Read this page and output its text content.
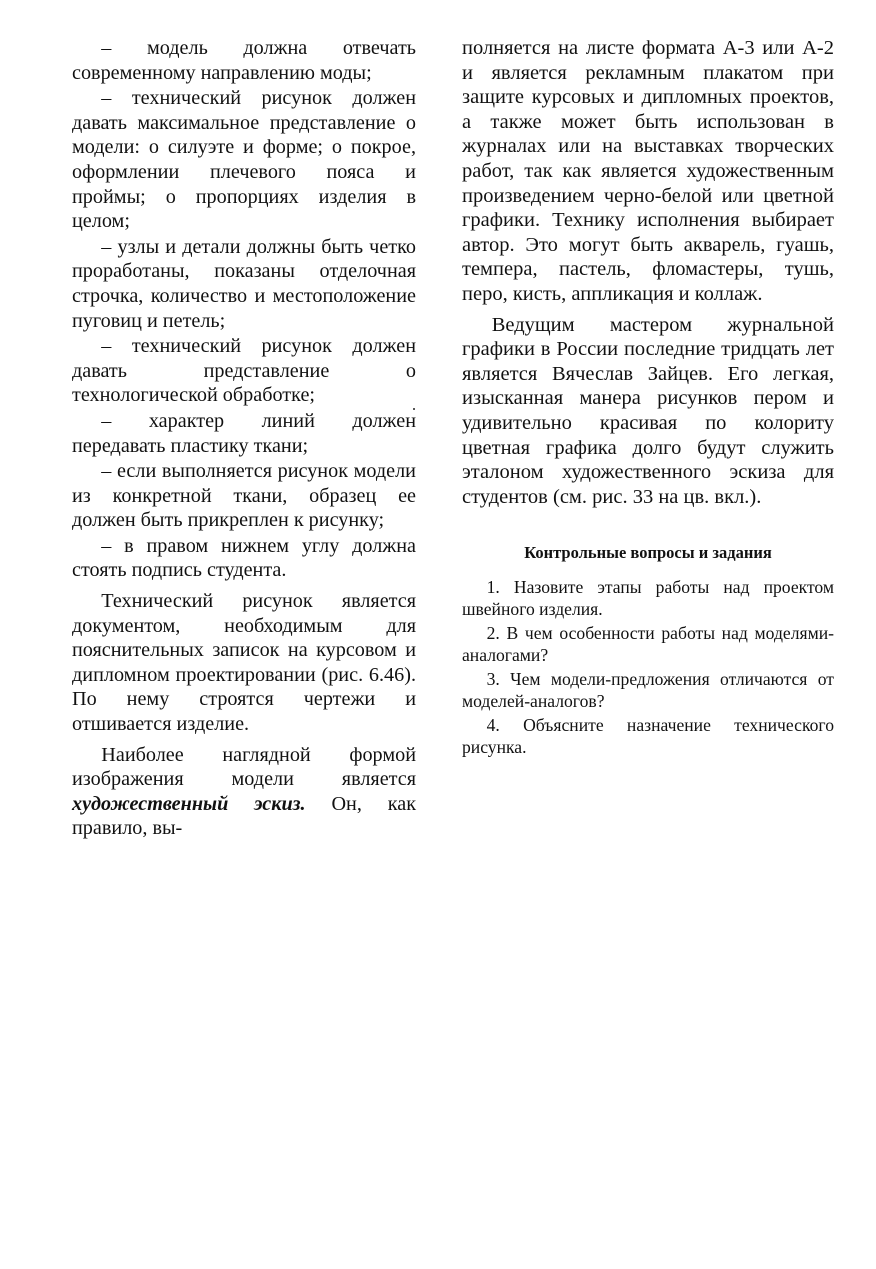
– модель должна отвечать современному направлению моды;

– технический рисунок должен давать максимальное представление о модели: о силуэте и форме; о покрое, оформлении плечевого пояса и проймы; о пропорциях изделия в целом;

– узлы и детали должны быть четко проработаны, показаны отделочная строчка, количество и местоположение пуговиц и петель;

– технический рисунок должен давать представление о технологической обработке;

– характер линий должен передавать пластику ткани;

– если выполняется рисунок модели из конкретной ткани, образец ее должен быть прикреплен к рисунку;

– в правом нижнем углу должна стоять подпись студента.

Технический рисунок является документом, необходимым для пояснительных записок на курсовом и дипломном проектировании (рис. 6.46). По нему строятся чертежи и отшивается изделие.

Наиболее наглядной формой изображения модели является художественный эскиз. Он, как правило, вы-

полняется на листе формата А-3 или А-2 и является рекламным плакатом при защите курсовых и дипломных проектов, а также может быть использован в журналах или на выставках творческих работ, так как является художественным произведением черно-белой или цветной графики. Технику исполнения выбирает автор. Это могут быть акварель, гуашь, темпера, пастель, фломастеры, тушь, перо, кисть, аппликация и коллаж.

Ведущим мастером журнальной графики в России последние тридцать лет является Вячеслав Зайцев. Его легкая, изысканная манера рисунков пером и удивительно красивая по колориту цветная графика долго будут служить эталоном художественного эскиза для студентов (см. рис. 33 на цв. вкл.).

Контрольные вопросы и задания

1. Назовите этапы работы над проектом швейного изделия.

2. В чем особенности работы над моделями-аналогами?

3. Чем модели-предложения отличаются от моделей-аналогов?

4. Объясните назначение технического рисунка.
